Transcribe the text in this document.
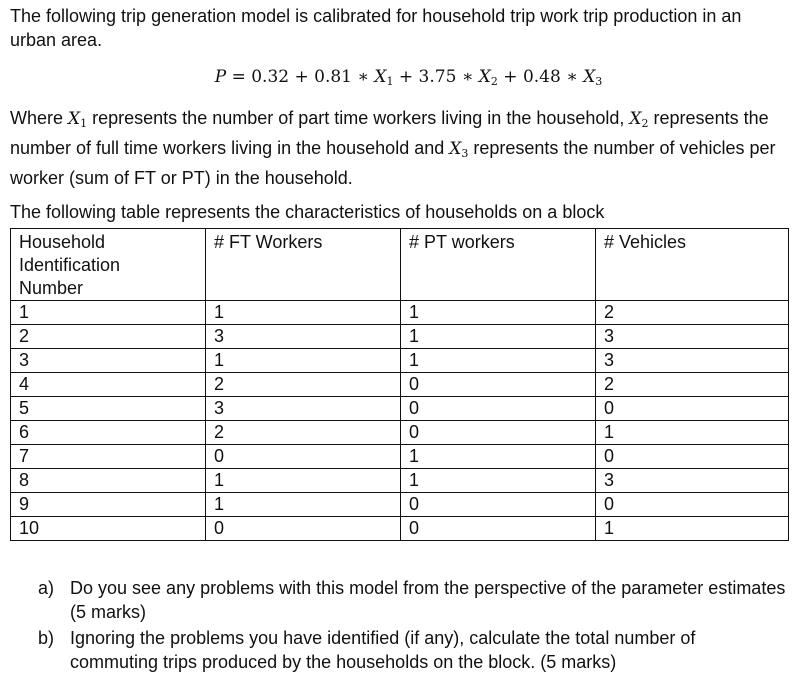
The following trip generation model is calibrated for household trip work trip production in an urban area.

P = 0.32 + 0.81 ∗ $X_1 + 3.75$ ∗ $X_2 + 0.48$ ∗ $X_3$

Where $X_1$ represents the number of part time workers living in the household, $X_2$ represents the number of full time workers living in the household and $X_3$ represents the number of vehicles per worker (sum of FT or PT) in the household.

The following table represents the characteristics of households on a block

Household Identification Number	# FT Workers	# PT workers	# Vehicles
1	1	1	2
2	3	1	3
3	1	1	3
4	2	0	2
5	3	0	0
6	2	0	1
7	0	1	0
8	1	1	3
9	1	0	0
10	0	0	1
a) Do you see any problems with this model from the perspective of the parameter estimates (5 marks)
b) Ignoring the problems you have identified (if any), calculate the total number of commuting trips produced by the households on the block. (5 marks)
